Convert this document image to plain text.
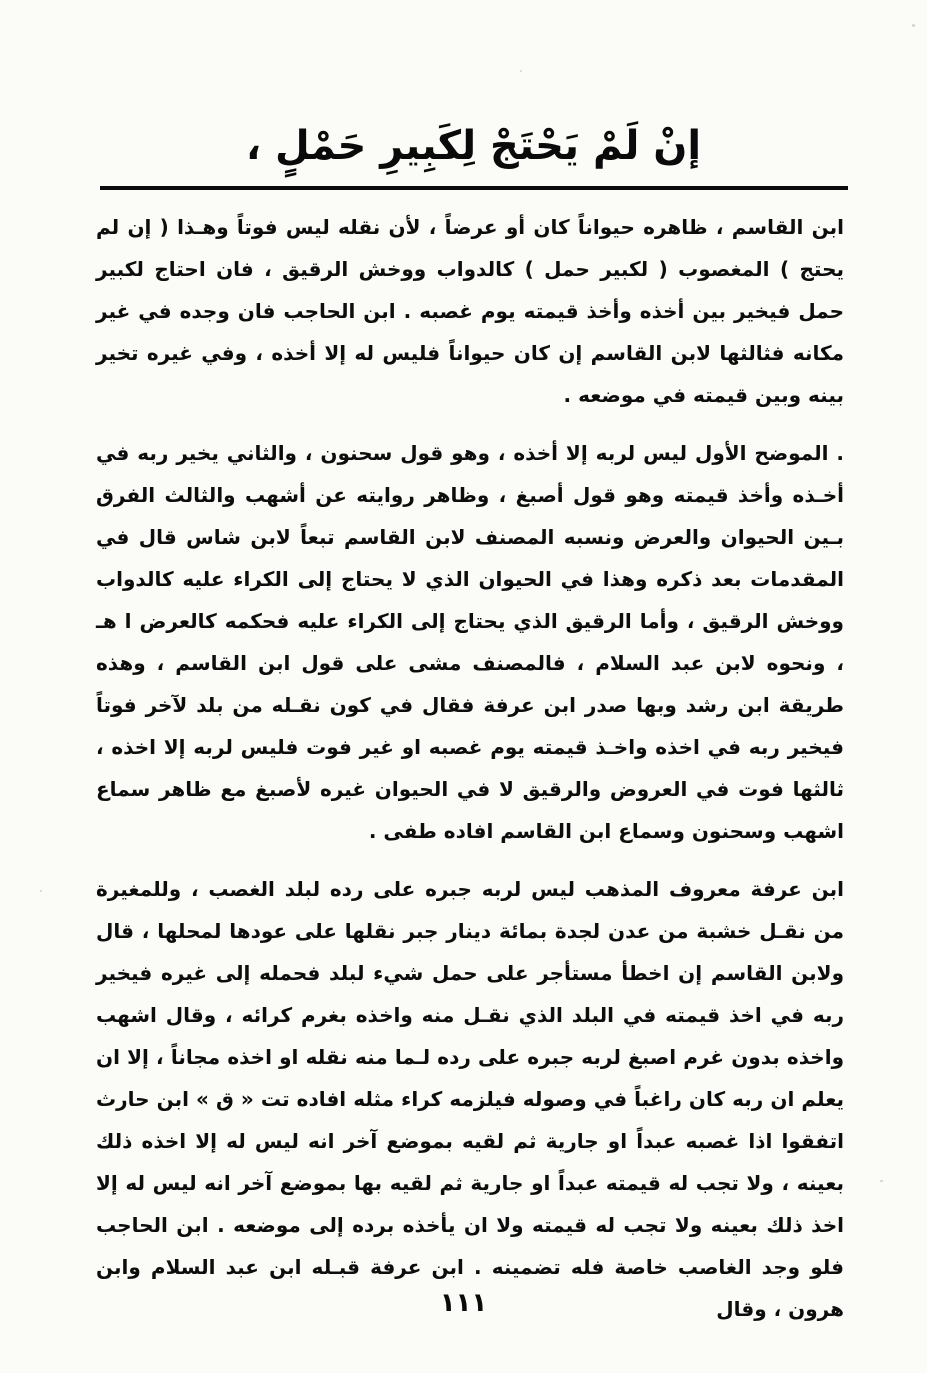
إنْ لَمْ يَحْتَجْ لِكَبِيرِ حَمْلٍ ،

ابن القاسم ، ظاهره حيواناً كان أو عرضاً ، لأن نقله ليس فوتاً وهـذا ( إن لم يحتج ) المغصوب ( لكبير حمل ) كالدواب ووخش الرقيق ، فان احتاج لكبير حمل فيخير بين أخذه وأخذ قيمته يوم غصبه . ابن الحاجب فان وجده في غير مكانه فثالثها لابن القاسم إن كان حيواناً فليس له إلا أخذه ، وفي غيره تخير بينه وبين قيمته في موضعه .

. الموضح الأول ليس لربه إلا أخذه ، وهو قول سحنون ، والثاني يخير ربه في أخـذه وأخذ قيمته وهو قول أصبغ ، وظاهر روايته عن أشهب والثالث الفرق بـين الحيوان والعرض ونسبه المصنف لابن القاسم تبعاً لابن شاس قال في المقدمات بعد ذكره وهذا في الحيوان الذي لا يحتاج إلى الكراء عليه كالدواب ووخش الرقيق ، وأما الرقيق الذي يحتاج إلى الكراء عليه فحكمه كالعرض ا هـ ، ونحوه لابن عبد السلام ، فالمصنف مشى على قول ابن القاسم ، وهذه طريقة ابن رشد وبها صدر ابن عرفة فقال في كون نقـله من بلد لآخر فوتاً فيخير ربه في اخذه واخـذ قيمته يوم غصبه او غير فوت فليس لربه إلا اخذه ، ثالثها فوت في العروض والرقيق لا في الحيوان غيره لأصبغ مع ظاهر سماع اشهب وسحنون وسماع ابن القاسم افاده طفى .

ابن عرفة معروف المذهب ليس لربه جبره على رده لبلد الغصب ، وللمغيرة من نقـل خشبة من عدن لجدة بمائة دينار جبر نقلها على عودها لمحلها ، قال ولابن القاسم إن اخطأ مستأجر على حمل شيء لبلد فحمله إلى غيره فيخير ربه في اخذ قيمته في البلد الذي نقـل منه واخذه بغرم كرائه ، وقال اشهب واخذه بدون غرم اصبغ لربه جبره على رده لـما منه نقله او اخذه مجاناً ، إلا ان يعلم ان ربه كان راغباً في وصوله فيلزمه كراء مثله افاده تت « ق » ابن حارث اتفقوا اذا غصبه عبداً او جارية ثم لقيه بموضع آخر انه ليس له إلا اخذه ذلك بعينه ، ولا تجب له قيمته عبداً او جارية ثم لقيه بها بموضع آخر انه ليس له إلا اخذ ذلك بعينه ولا تجب له قيمته ولا ان يأخذه برده إلى موضعه . ابن الحاجب فلو وجد الغاصب خاصة فله تضمينه . ابن عرفة قبـله ابن عبد السلام وابن هرون ، وقال

١١١
